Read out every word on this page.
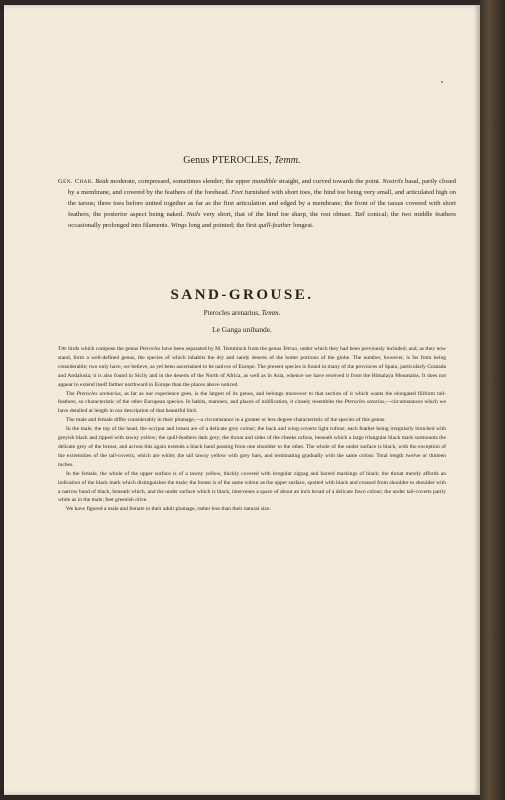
Genus PTEROCLES, Temm.
Gen. Char. Beak moderate, compressed, sometimes slender; the upper mandible straight, and curved towards the point. Nostrils basal, partly closed by a membrane, and covered by the feathers of the forehead. Feet furnished with short toes, the hind toe being very small, and articulated high on the tarsus; three toes before united together as far as the first articulation and edged by a membrane; the front of the tarsus covered with short feathers, the posterior aspect being naked. Nails very short, that of the hind toe sharp, the rest obtuse. Tail conical; the two middle feathers occasionally prolonged into filaments. Wings long and pointed; the first quill-feather longest.
SAND-GROUSE.
Pterocles arenarius, Temm.
Le Ganga unibande.

The birds which compose the genus Pterocles have been separated by M. Temminck from the genus Tetrao, under which they had been previously included; and, as they now stand, form a well-defined genus, the species of which inhabits the dry and sandy deserts of the hotter portions of the globe. The number, however, is far from being considerable; two only have, we believe, as yet been ascertained to be natives of Europe. The present species is found in many of the provinces of Spain, particularly Granada and Andalusia; it is also found in Sicily and in the deserts of the North of Africa, as well as in Asia, whence we have received it from the Himalaya Mountains. It does not appear to extend itself farther northward in Europe than the places above noticed.

The Pterocles arenarius, as far as our experience goes, is the largest of its genus, and belongs moreover to that section of it which wants the elongated filiform tail-feathers, so characteristic of the other European species. In habits, manners, and places of nidification, it closely resembles the Pterocles setarius,—circumstances which we have detailed at length in our description of that beautiful bird.

The male and female differ considerably in their plumage,—a circumstance in a greater or less degree characteristic of the species of this genus.

In the male, the top of the head, the occiput and breast are of a delicate grey colour; the back and wing-coverts light rufous; each feather being irregularly blotched with greyish black and tipped with tawny yellow; the quill-feathers dark grey; the throat and sides of the cheeks rufous, beneath which a large triangular black mark surmounts the delicate grey of the breast, and across this again extends a black band passing from one shoulder to the other. The whole of the under surface is black, with the exception of the extremities of the tail-coverts, which are white; the tail tawny yellow with grey bars, and terminating gradually with the same colour. Total length twelve or thirteen inches.

In the female, the whole of the upper surface is of a tawny yellow, thickly covered with irregular zigzag and barred markings of black; the throat merely affords an indication of the black mark which distinguishes the male; the breast is of the same colour as the upper surface, spotted with black and crossed from shoulder to shoulder with a narrow band of black, beneath which, and the under surface which is black, intervenes a space of about an inch broad of a delicate fawn colour; the under tail-coverts partly white as in the male; feet greenish olive.

We have figured a male and female in their adult plumage, rather less than their natural size.
